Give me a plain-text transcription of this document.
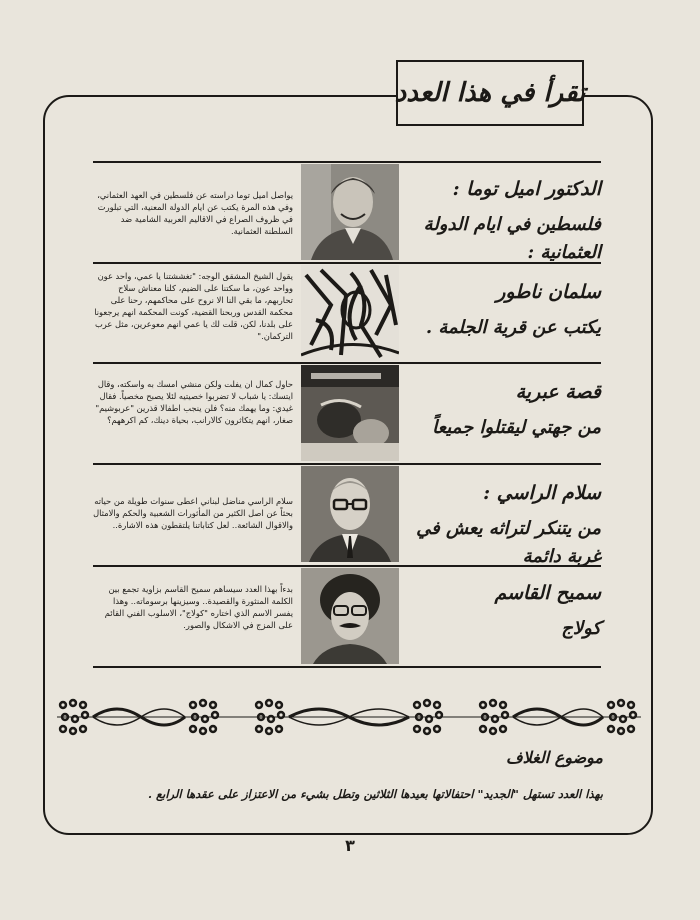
تقرأ في هذا العدد
الدكتور اميل توما :
فلسطين في ايام الدولة العثمانية :
يواصل اميل توما دراسته عن فلسطين في العهد العثماني، وفي هذه المرة يكتب عن ايام الدولة المعنية، التي تبلورت في ظروف الصراع في الاقاليم العربية الشامية ضد السلطنة العثمانية.
سلمان ناطور
يكتب عن قرية الجلمة .
يقول الشيخ المشقق الوجه: "تغششتنا يا عمي، واحد عون وواحد عون، ما سكتنا على الضيم، كلنا معناش سلاح تحاربهم، ما بقي النا الا نروح على محاكمهم، رحنا على محكمة القدس وربحنا القضية، كونت المحكمة انهم يرجعونا على بلدنا، لكن، قلت لك يا عمي انهم معوعرين، مثل عرب التركمان."
قصة عبرية
من جهتي ليقتلوا جميعاً
حاول كمال ان يفلت ولكن منشي امسك به واسكته، وقال ايتسك: يا شباب لا تضربوا خصيتيه لئلا يصبح مخصياً. فقال غيدي: وما يهمك منه؟ فلن ينجب اطفالا قذرين "عربوشيم" صغار، انهم يتكاثرون كالارانب، بحياة دينك، كم اكرههم؟
سلام الراسي :
من يتنكر لتراثه يعش في غربة دائمة
سلام الراسي مناضل لبناني اعطى سنوات طويلة من حياته بحثاً عن اصل الكثير من المأثورات الشعبية والحكم والامثال والاقوال الشائعة.. لعل كتاباتنا يلتقطون هذه الاشارة..
سميح القاسم
كولاج
بدءاً بهذا العدد سيساهم سميح القاسم بزاوية تجمع بين الكلمة المنثورة والقصيدة.. وسيزينها برسوماته.. وهذا يفسر الاسم الذي اختاره "كولاج"، الاسلوب الفني القائم على المزج في الاشكال والصور.
موضوع الغلاف
بهذا العدد تستهل "الجديد" احتفالاتها بعيدها الثلاثين وتطل بشيء من الاعتزاز على عقدها الرابع .
٣
